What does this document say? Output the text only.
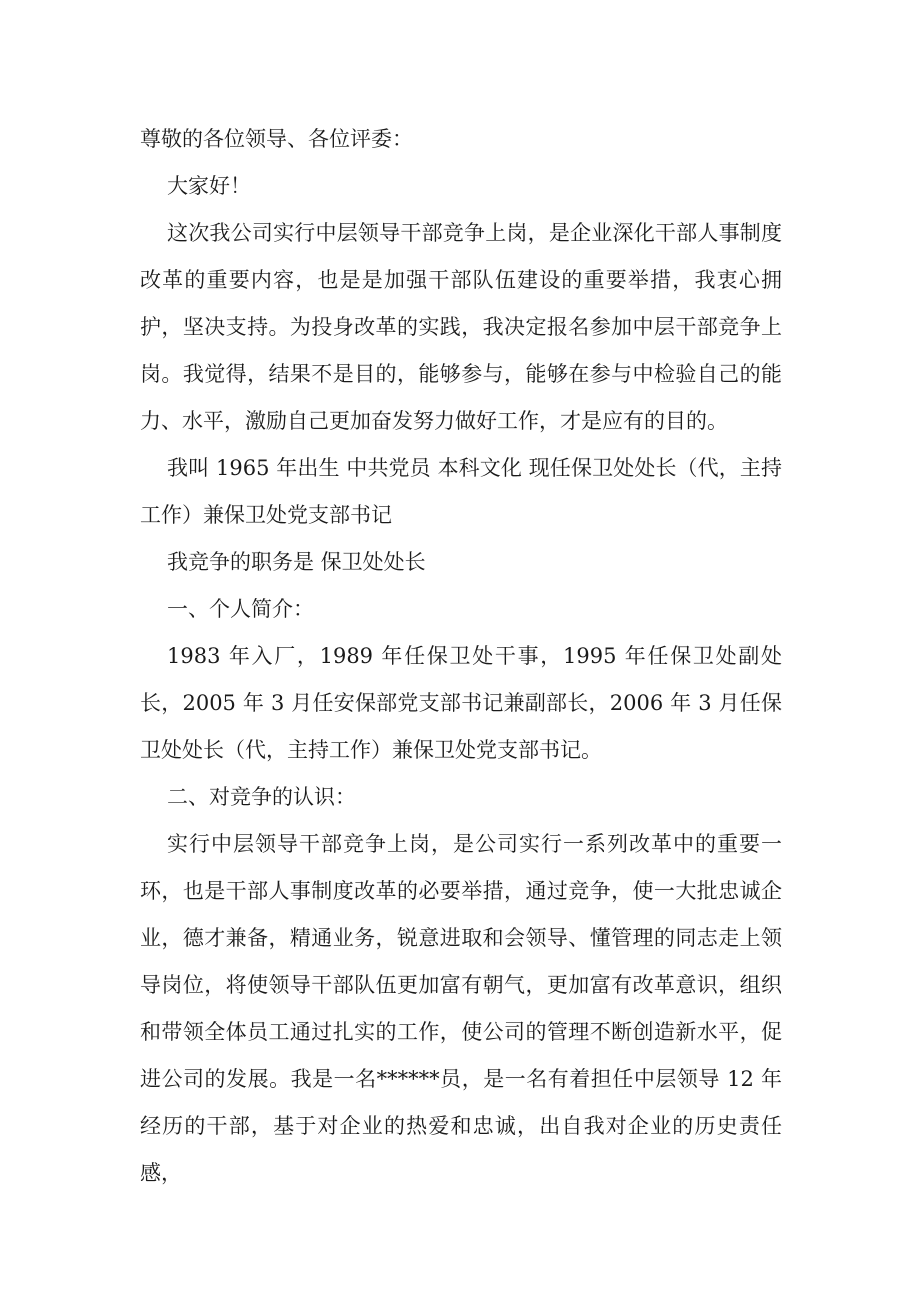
尊敬的各位领导、各位评委：

大家好！

这次我公司实行中层领导干部竞争上岗，是企业深化干部人事制度改革的重要内容，也是是加强干部队伍建设的重要举措，我衷心拥护，坚决支持。为投身改革的实践，我决定报名参加中层干部竞争上岗。我觉得，结果不是目的，能够参与，能够在参与中检验自己的能力、水平，激励自己更加奋发努力做好工作，才是应有的目的。

我叫 1965 年出生 中共党员 本科文化 现任保卫处处长（代，主持工作）兼保卫处党支部书记

我竞争的职务是 保卫处处长

一、个人简介：

1983 年入厂，1989 年任保卫处干事，1995 年任保卫处副处长，2005 年 3 月任安保部党支部书记兼副部长，2006 年 3 月任保卫处处长（代，主持工作）兼保卫处党支部书记。

二、对竞争的认识：

实行中层领导干部竞争上岗，是公司实行一系列改革中的重要一环，也是干部人事制度改革的必要举措，通过竞争，使一大批忠诚企业，德才兼备，精通业务，锐意进取和会领导、懂管理的同志走上领导岗位，将使领导干部队伍更加富有朝气，更加富有改革意识，组织和带领全体员工通过扎实的工作，使公司的管理不断创造新水平，促进公司的发展。我是一名******员，是一名有着担任中层领导 12 年经历的干部，基于对企业的热爱和忠诚，出自我对企业的历史责任感，
